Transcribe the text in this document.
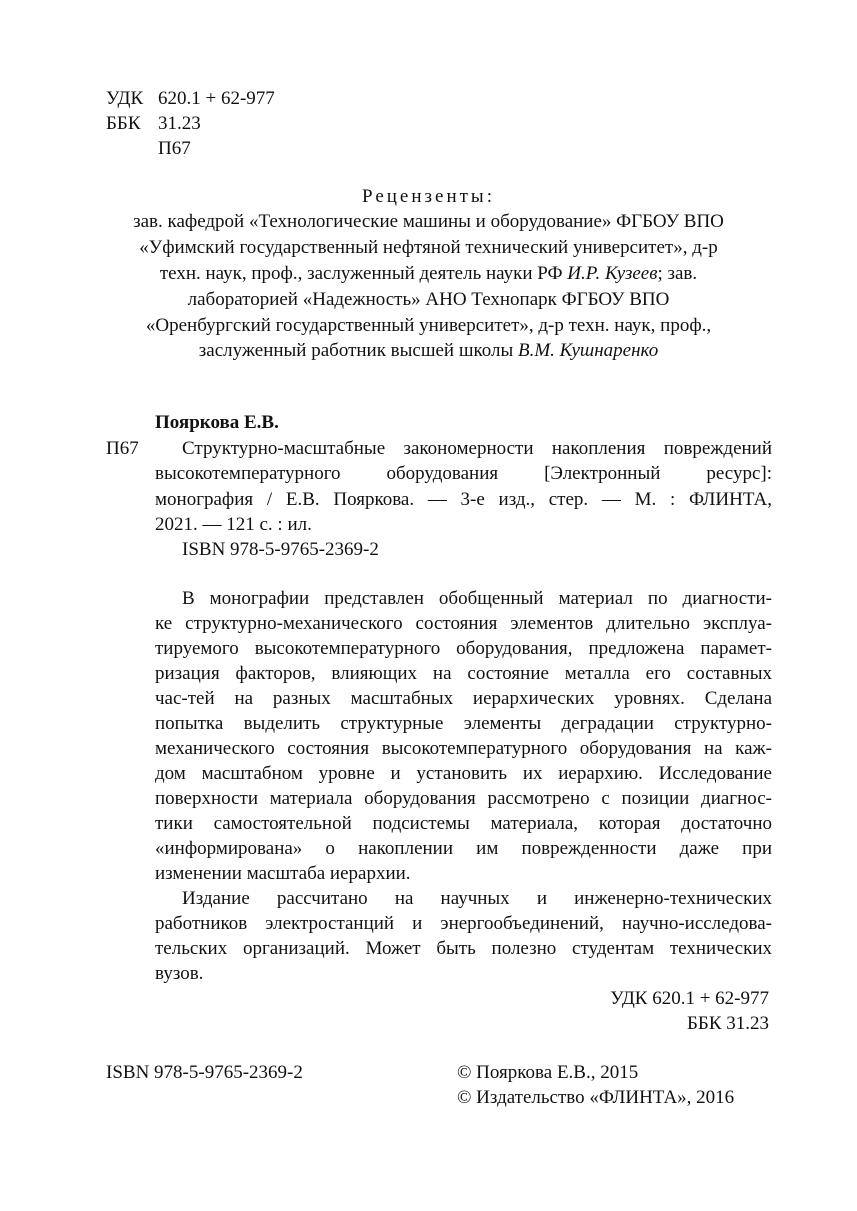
УДК 620.1 + 62-977
ББК 31.23
П67
Рецензенты:
зав. кафедрой «Технологические машины и оборудование» ФГБОУ ВПО
«Уфимский государственный нефтяной технический университет», д-р
техн. наук, проф., заслуженный деятель науки РФ И.Р. Кузеев; зав.
лабораторией «Надежность» АНО Технопарк ФГБОУ ВПО
«Оренбургский государственный университет», д-р техн. наук, проф.,
заслуженный работник высшей школы В.М. Кушнаренко
Пояркова Е.В.
П67 Структурно-масштабные закономерности накопления повреждений
высокотемпературного оборудования [Электронный ресурс]:
монография / Е.В. Пояркова. — 3-е изд., стер. — М. : ФЛИНТА,
2021. — 121 с. : ил.
ISBN 978-5-9765-2369-2
В монографии представлен обобщенный материал по диагности-
ке структурно-механического состояния элементов длительно эксплуа-
тируемого высокотемпературного оборудования, предложена парамет-
ризация факторов, влияющих на состояние металла его составных
час-тей на разных масштабных иерархических уровнях. Сделана
попытка выделить структурные элементы деградации структурно-
механического состояния высокотемпературного оборудования на каж-
дом масштабном уровне и установить их иерархию. Исследование
поверхности материала оборудования рассмотрено с позиции диагнос-
тики самостоятельной подсистемы материала, которая достаточно
«информирована» о накоплении им поврежденности даже при
изменении масштаба иерархии.
Издание рассчитано на научных и инженерно-технических
работников электростанций и энергообъединений, научно-исследова-
тельских организаций. Может быть полезно студентам технических
вузов.
УДК 620.1 + 62-977
ББК 31.23
ISBN 978-5-9765-2369-2	© Пояркова Е.В., 2015
© Издательство «ФЛИНТА», 2016
